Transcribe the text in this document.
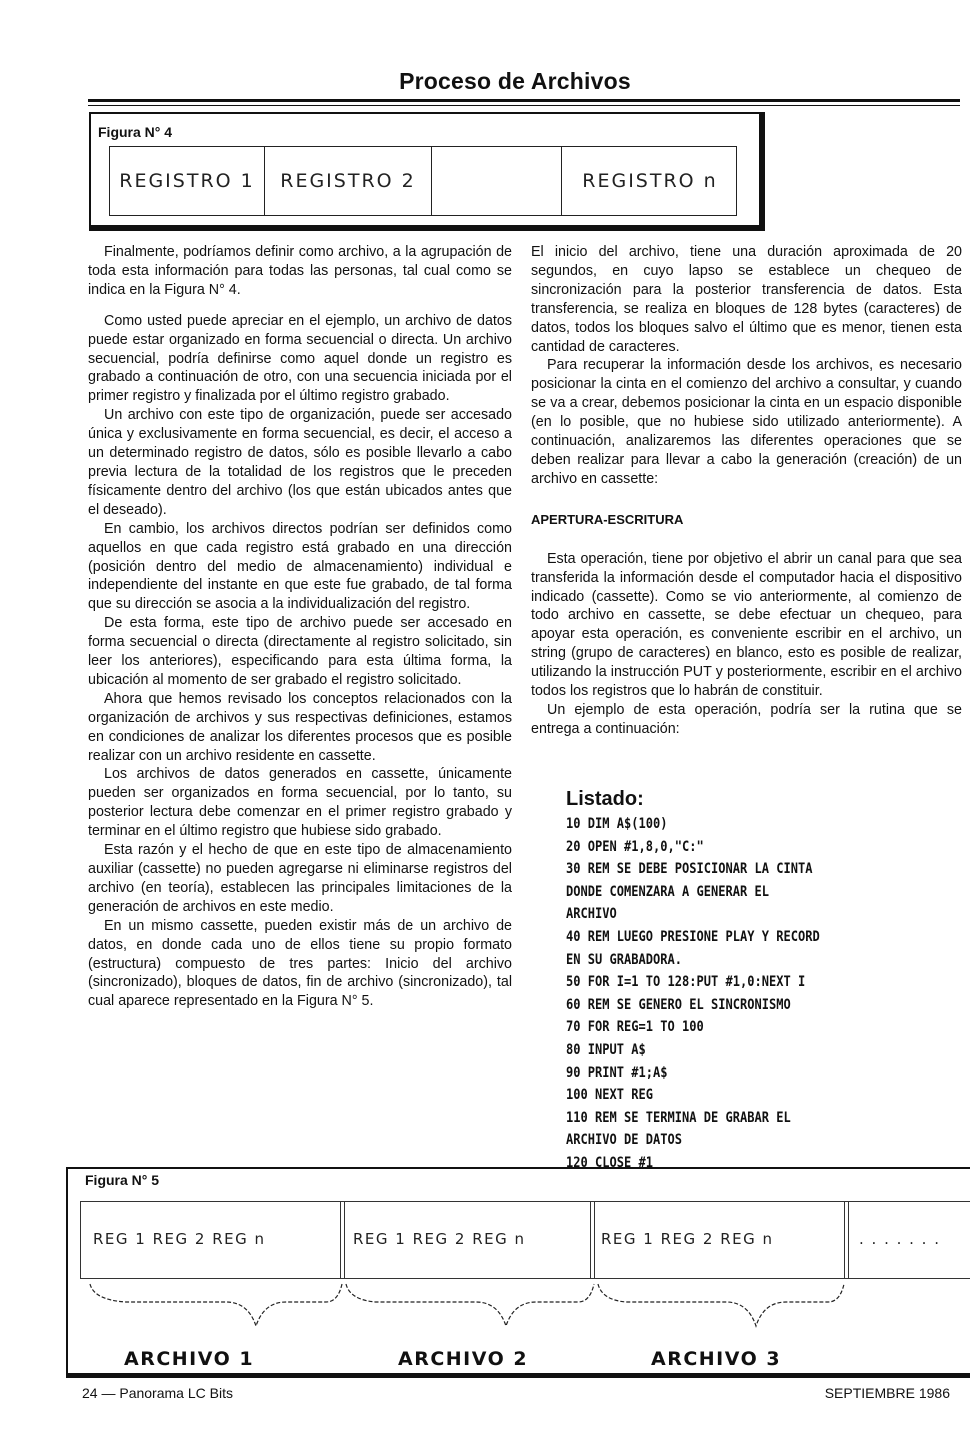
Proceso de Archivos
Figura N° 4
REGISTRO 1	REGISTRO 2	REGISTRO n

Finalmente, podríamos definir como archivo, a la agrupación de toda esta información para todas las personas, tal cual como se indica en la Figura N° 4.

Como usted puede apreciar en el ejemplo, un archivo de datos puede estar organizado en forma secuencial o directa. Un archivo secuencial, podría definirse como aquel donde un registro es grabado a continuación de otro, con una secuencia iniciada por el primer registro y finalizada por el último registro grabado.

Un archivo con este tipo de organización, puede ser accesado única y exclusivamente en forma secuencial, es decir, el acceso a un determinado registro de datos, sólo es posible llevarlo a cabo previa lectura de la totalidad de los registros que le preceden físicamente dentro del archivo (los que están ubicados antes que el deseado).

En cambio, los archivos directos podrían ser definidos como aquellos en que cada registro está grabado en una dirección (posición dentro del medio de almacenamiento) individual e independiente del instante en que este fue grabado, de tal forma que su dirección se asocia a la individualización del registro.

De esta forma, este tipo de archivo puede ser accesado en forma secuencial o directa (directamente al registro solicitado, sin leer los anteriores), especificando para esta última forma, la ubicación al momento de ser grabado el registro solicitado.

Ahora que hemos revisado los conceptos relacionados con la organización de archivos y sus respectivas definiciones, estamos en condiciones de analizar los diferentes procesos que es posible realizar con un archivo residente en cassette.

Los archivos de datos generados en cassette, únicamente pueden ser organizados en forma secuencial, por lo tanto, su posterior lectura debe comenzar en el primer registro grabado y terminar en el último registro que hubiese sido grabado.

Esta razón y el hecho de que en este tipo de almacenamiento auxiliar (cassette) no pueden agregarse ni eliminarse registros del archivo (en teoría), establecen las principales limitaciones de la generación de archivos en este medio.

En un mismo cassette, pueden existir más de un archivo de datos, en donde cada uno de ellos tiene su propio formato (estructura) compuesto de tres partes: Inicio del archivo (sincronizado), bloques de datos, fin de archivo (sincronizado), tal cual aparece representado en la Figura N° 5.

El inicio del archivo, tiene una duración aproximada de 20 segundos, en cuyo lapso se establece un chequeo de sincronización para la posterior transferencia de datos. Esta transferencia, se realiza en bloques de 128 bytes (caracteres) de datos, todos los bloques salvo el último que es menor, tienen esta cantidad de caracteres.

Para recuperar la información desde los archivos, es necesario posicionar la cinta en el comienzo del archivo a consultar, y cuando se va a crear, debemos posicionar la cinta en un espacio disponible (en lo posible, que no hubiese sido utilizado anteriormente). A continuación, analizaremos las diferentes operaciones que se deben realizar para llevar a cabo la generación (creación) de un archivo en cassette:

APERTURA-ESCRITURA

Esta operación, tiene por objetivo el abrir un canal para que sea transferida la información desde el computador hacia el dispositivo indicado (cassette). Como se vio anteriormente, al comienzo de todo archivo en cassette, se debe efectuar un chequeo, para apoyar esta operación, es conveniente escribir en el archivo, un string (grupo de caracteres) en blanco, esto es posible de realizar, utilizando la instrucción PUT y posteriormente, escribir en el archivo todos los registros que lo habrán de constituir.

Un ejemplo de esta operación, podría ser la rutina que se entrega a continuación:

Listado:
10 DIM A$(100)
20 OPEN #1,8,0,"C:"
30 REM SE DEBE POSICIONAR LA CINTA
DONDE COMENZARA A GENERAR EL
ARCHIVO
40 REM LUEGO PRESIONE PLAY Y RECORD
EN SU GRABADORA.
50 FOR I=1 TO 128:PUT #1,0:NEXT I
60 REM SE GENERO EL SINCRONISMO
70 FOR REG=1 TO 100
80 INPUT A$
90 PRINT #1;A$
100 NEXT REG
110 REM SE TERMINA DE GRABAR EL
ARCHIVO DE DATOS
120 CLOSE #1
Figura N° 5
REG 1 REG 2 REG n	REG 1 REG 2 REG n	REG 1 REG 2 REG n	. . . . . . .
ARCHIVO 1	ARCHIVO 2	ARCHIVO 3
24 — Panorama LC Bits	SEPTIEMBRE 1986
